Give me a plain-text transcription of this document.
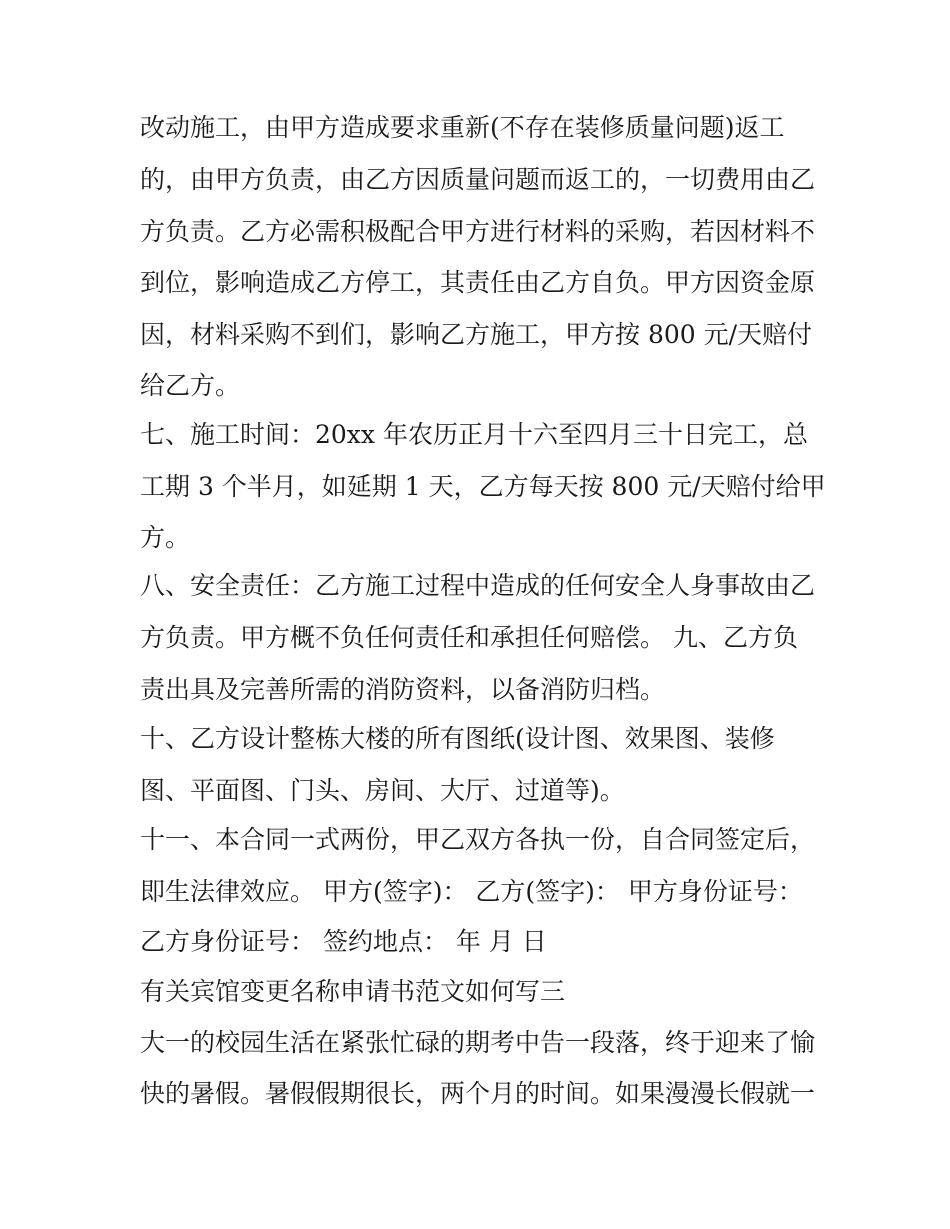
改动施工，由甲方造成要求重新(不存在装修质量问题)返工
的，由甲方负责，由乙方因质量问题而返工的，一切费用由乙
方负责。乙方必需积极配合甲方进行材料的采购，若因材料不
到位，影响造成乙方停工，其责任由乙方自负。甲方因资金原
因，材料采购不到们，影响乙方施工，甲方按 800 元/天赔付
给乙方。
七、施工时间：20xx 年农历正月十六至四月三十日完工，总
工期 3 个半月，如延期 1 天，乙方每天按 800 元/天赔付给甲
方。
八、安全责任：乙方施工过程中造成的任何安全人身事故由乙
方负责。甲方概不负任何责任和承担任何赔偿。 九、乙方负
责出具及完善所需的消防资料，以备消防归档。
十、乙方设计整栋大楼的所有图纸(设计图、效果图、装修
图、平面图、门头、房间、大厅、过道等)。
十一、本合同一式两份，甲乙双方各执一份，自合同签定后，
即生法律效应。 甲方(签字)： 乙方(签字)： 甲方身份证号：
乙方身份证号： 签约地点： 年 月 日
有关宾馆变更名称申请书范文如何写三
大一的校园生活在紧张忙碌的期考中告一段落，终于迎来了愉
快的暑假。暑假假期很长，两个月的时间。如果漫漫长假就一
